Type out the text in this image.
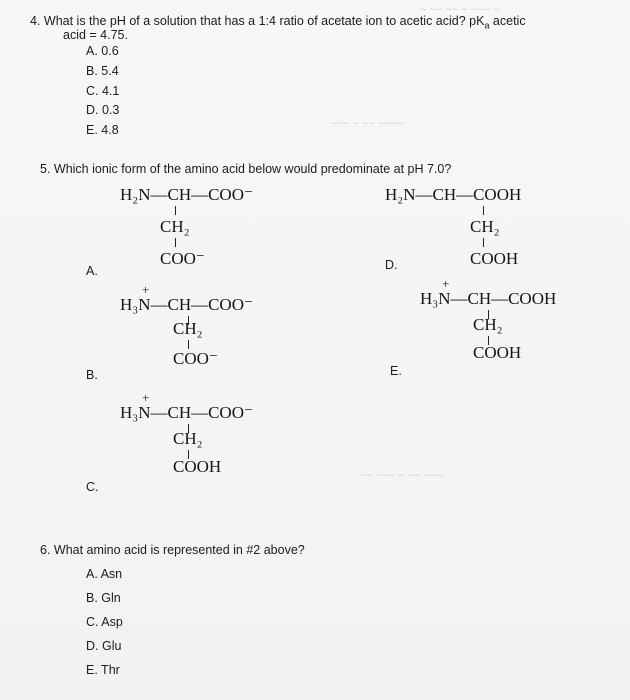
~ ~~ ~~ ~ ~~~ ~
~~~ ~ ~~ ~~~~
~~ ~~~ ~ ~~ ~~~
4. What is the pH of a solution that has a 1:4 ratio of acetate ion to acetic acid? $pK_a$ acetic
acid = 4.75.
A. 0.6
B. 5.4
C. 4.1
D. 0.3
E. 4.8
5. Which ionic form of the amino acid below would predominate at pH 7.0?
H₂N—CH—COO⁻
CH₂
COO⁻
H₂N—CH—COOH
CH₂
COOH
A.
+
H₃N—CH—COO⁻
CH₂
COO⁻
B.
+
H₃N—CH—COO⁻
CH₂
COOH
C.
D.
+
H₃N—CH—COOH
CH₂
COOH
E.
6. What amino acid is represented in #2 above?
A. Asn
B. Gln
C. Asp
D. Glu
E. Thr
